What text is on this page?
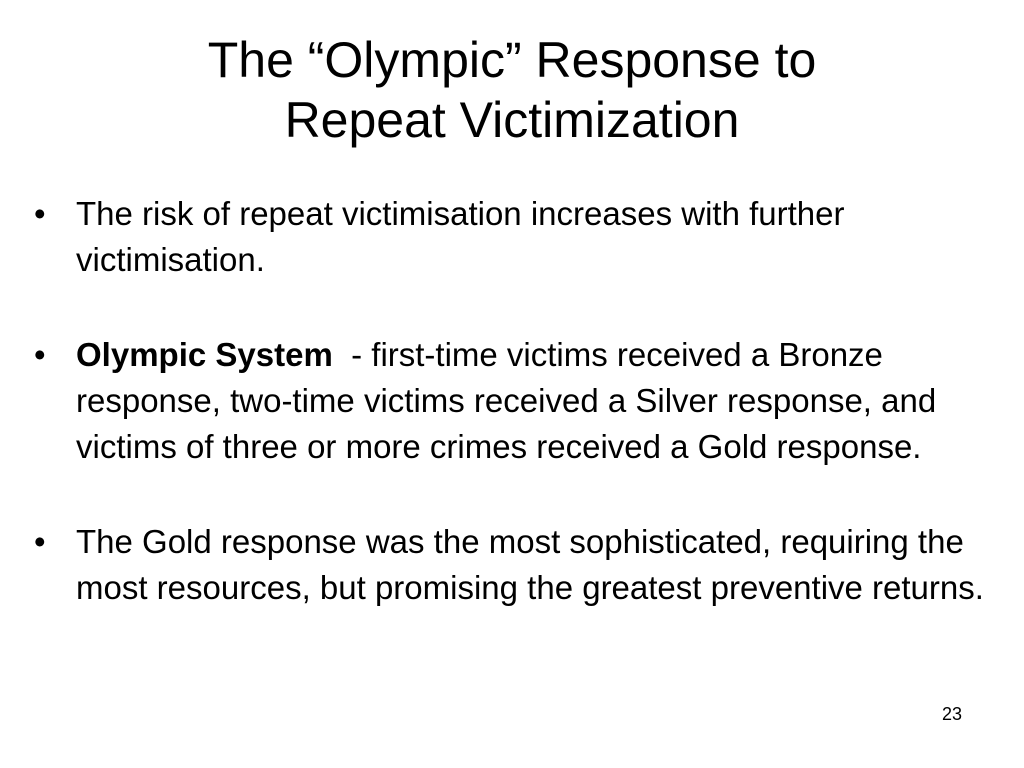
The “Olympic” Response to
Repeat Victimization
• The risk of repeat victimisation increases with further victimisation.
• Olympic System  - first-time victims received a Bronze response, two-time victims received a Silver response, and victims of three or more crimes received a Gold response.
• The Gold response was the most sophisticated, requiring the most resources, but promising the greatest preventive returns.
23
